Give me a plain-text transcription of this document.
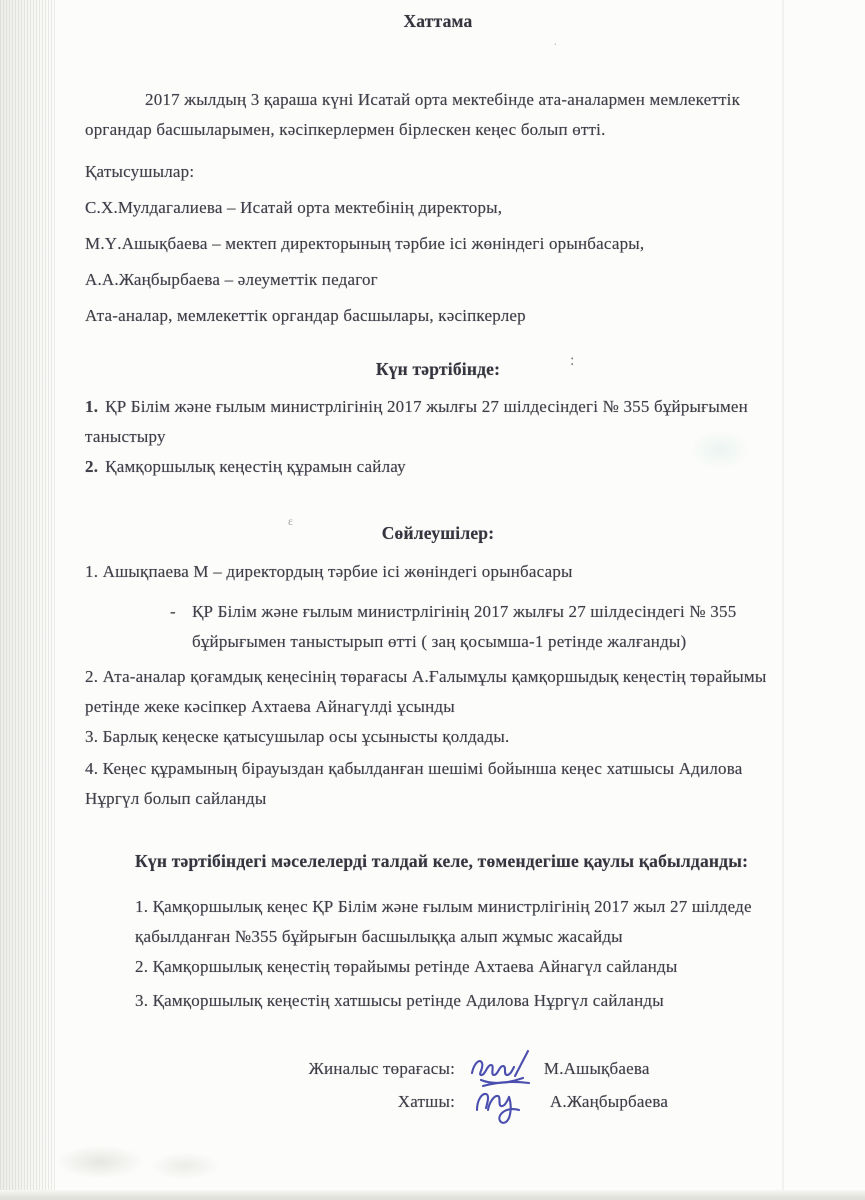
:
·
ε
Хаттама

2017 жылдың 3 қараша күні Исатай орта мектебінде ата-аналармен мемлекеттік органдар басшыларымен, кәсіпкерлермен бірлескен кеңес болып өтті.

Қатысушылар:

С.Х.Мулдагалиева – Исатай орта мектебінің директоры,

М.Ү.Ашықбаева – мектеп директорының тәрбие ісі жөніндегі орынбасары,

А.А.Жаңбырбаева – әлеуметтік педагог

Ата-аналар, мемлекеттік органдар басшылары, кәсіпкерлер

Күн тәртібінде:

1. ҚР Білім және ғылым министрлігінің 2017 жылғы 27 шілдесіндегі № 355 бұйрығымен таныстыру

2. Қамқоршылық кеңестің құрамын сайлау

Сөйлеушілер:

1. Ашықпаева М – директордың тәрбие ісі жөніндегі орынбасары

- ҚР Білім және ғылым министрлігінің 2017 жылғы 27 шілдесіндегі № 355 бұйрығымен таныстырып өтті ( заң қосымша-1 ретінде жалғанды)

2. Ата-аналар қоғамдық кеңесінің төрағасы А.Ғалымұлы қамқоршыдық кеңестің төрайымы ретінде жеке кәсіпкер Ахтаева Айнагүлді ұсынды

3. Барлық кеңеске қатысушылар осы ұсынысты қолдады.

4. Кеңес құрамының бірауыздан қабылданған шешімі бойынша кеңес хатшысы Адилова Нұргүл болып сайланды

Күн тәртібіндегі мәселелерді талдай келе, төмендегіше қаулы қабылданды:

1. Қамқоршылық кеңес ҚР Білім және ғылым министрлігінің 2017 жыл 27 шілдеде қабылданған №355 бұйрығын басшылыққа алып жұмыс жасайды

2. Қамқоршылық кеңестің төрайымы ретінде Ахтаева Айнагүл сайланды

3. Қамқоршылық кеңестің хатшысы ретінде Адилова Нұргүл сайланды

Жиналыс төрағасы:	М.Ашықбаева
Хатшы:	А.Жаңбырбаева
